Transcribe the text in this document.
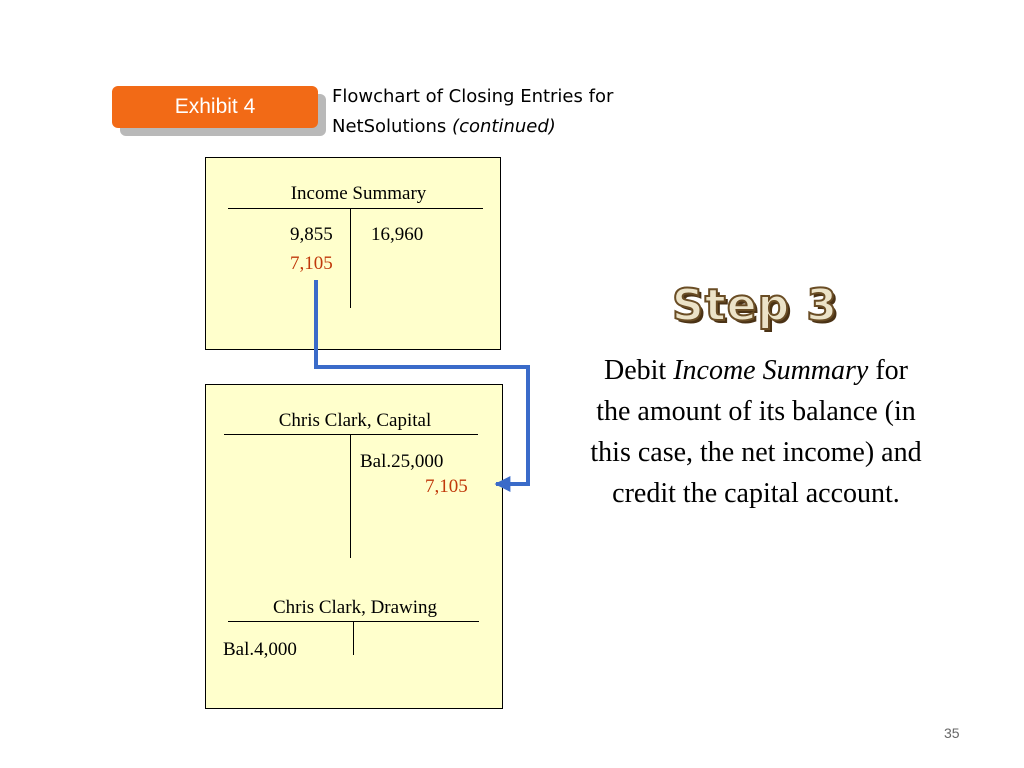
Exhibit 4	Flowchart of Closing Entries for
NetSolutions (continued)
Income Summary
9,855
7,105
16,960
Chris Clark, Capital
Bal.25,000
7,105
Chris Clark, Drawing
Bal.4,000
Step 3
Debit Income Summary for the amount of its balance (in this case, the net income) and credit the capital account.
35
